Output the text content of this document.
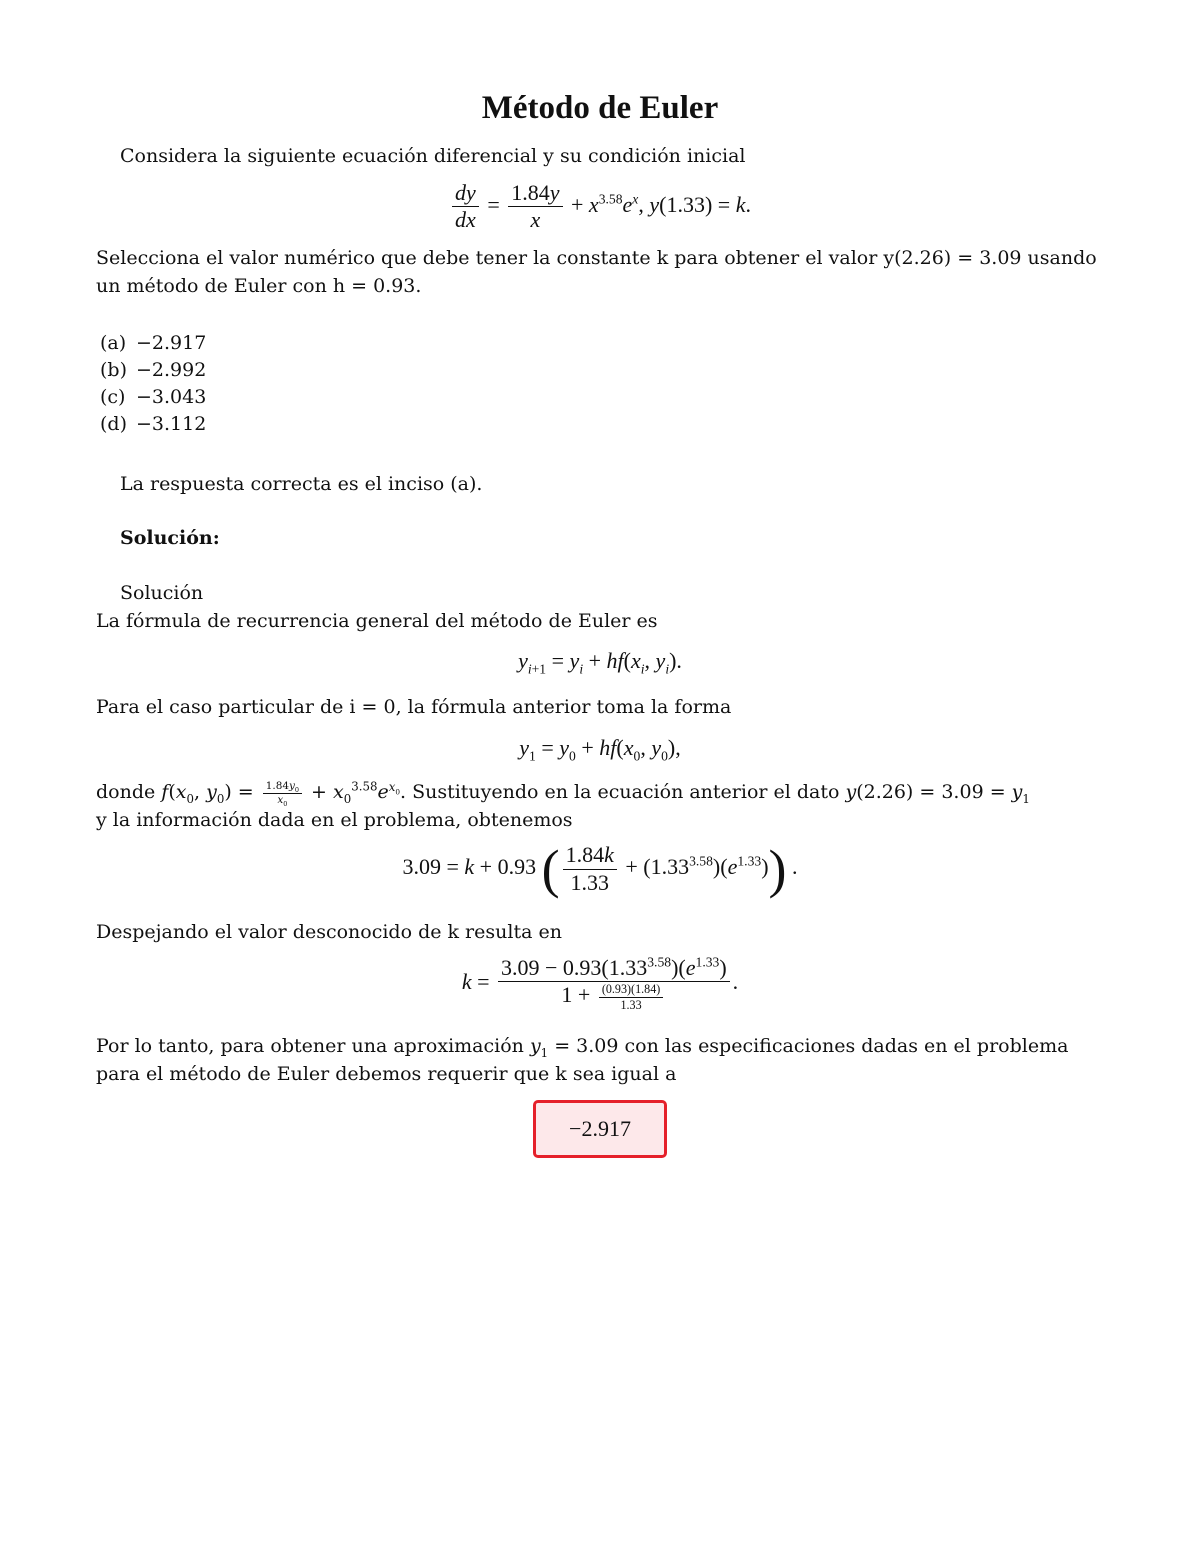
Método de Euler
Considera la siguiente ecuación diferencial y su condición inicial
$\frac{dy}{dx} = \frac{1.84y}{x} + x^{3.58}e^x$, y(1.33) = k.
Selecciona el valor numérico que debe tener la constante k para obtener el valor y(2.26) = 3.09 usando
un método de Euler con h = 0.93.
(a) −2.917
(b) −2.992
(c) −3.043
(d) −3.112
La respuesta correcta es el inciso (a).
Solución:
Solución
La fórmula de recurrencia general del método de Euler es
$y_{i+1} = y_i + hf(x_i$, $y_i$).
Para el caso particular de i = 0, la fórmula anterior toma la forma
$y_1 = y_0 + hf(x_0$, $y_0$),
donde $f(x_0$, $y_0) = \frac{1.84y_0}{x_0} + x_0^{3.58}e^{x_0}$. Sustituyendo en la ecuación anterior el dato $y(2.26) = 3.09 = y_1$
y la información dada en el problema, obtenemos
3.09 = k + 0.93 ( $\frac{1.84k}{1.33} + (1.33^{3.58})(e^{1.33})$) .
Despejando el valor desconocido de k resulta en
$k = \frac{3.09 - 0.93(1.33^{3.58})(e^{1.33})}{1 + \frac{(0.93)(1.84)}{1.33}}$ .
Por lo tanto, para obtener una aproximación $y_1 = 3.09$ con las especificaciones dadas en el problema
para el método de Euler debemos requerir que k sea igual a
−2.917
